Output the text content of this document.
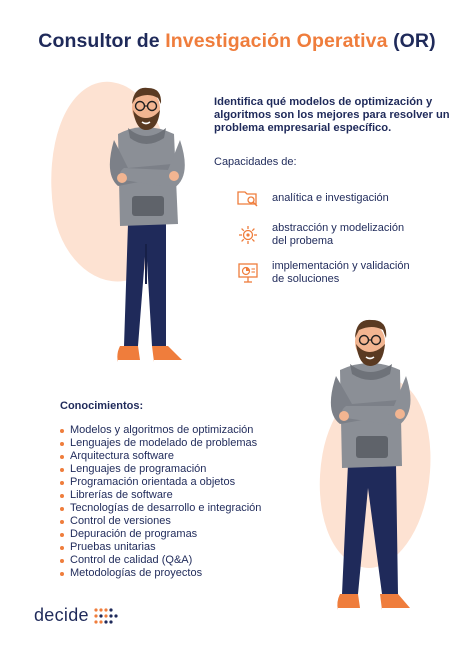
Consultor de Investigación Operativa (OR)

Identifica qué modelos de optimización y algoritmos son los mejores para resolver un problema empresarial específico.

Capacidades de:
analítica e investigación
abstracción y modelización
del probema
implementación y validación
de soluciones
Conocimientos:
Modelos y algoritmos de optimización
Lenguajes de modelado de problemas
Arquitectura software
Lenguajes de programación
Programación orientada a objetos
Librerías de software
Tecnologías de desarrollo e integración
Control de versiones
Depuración de programas
Pruebas unitarias
Control de calidad (Q&A)
Metodologías de proyectos
decide
